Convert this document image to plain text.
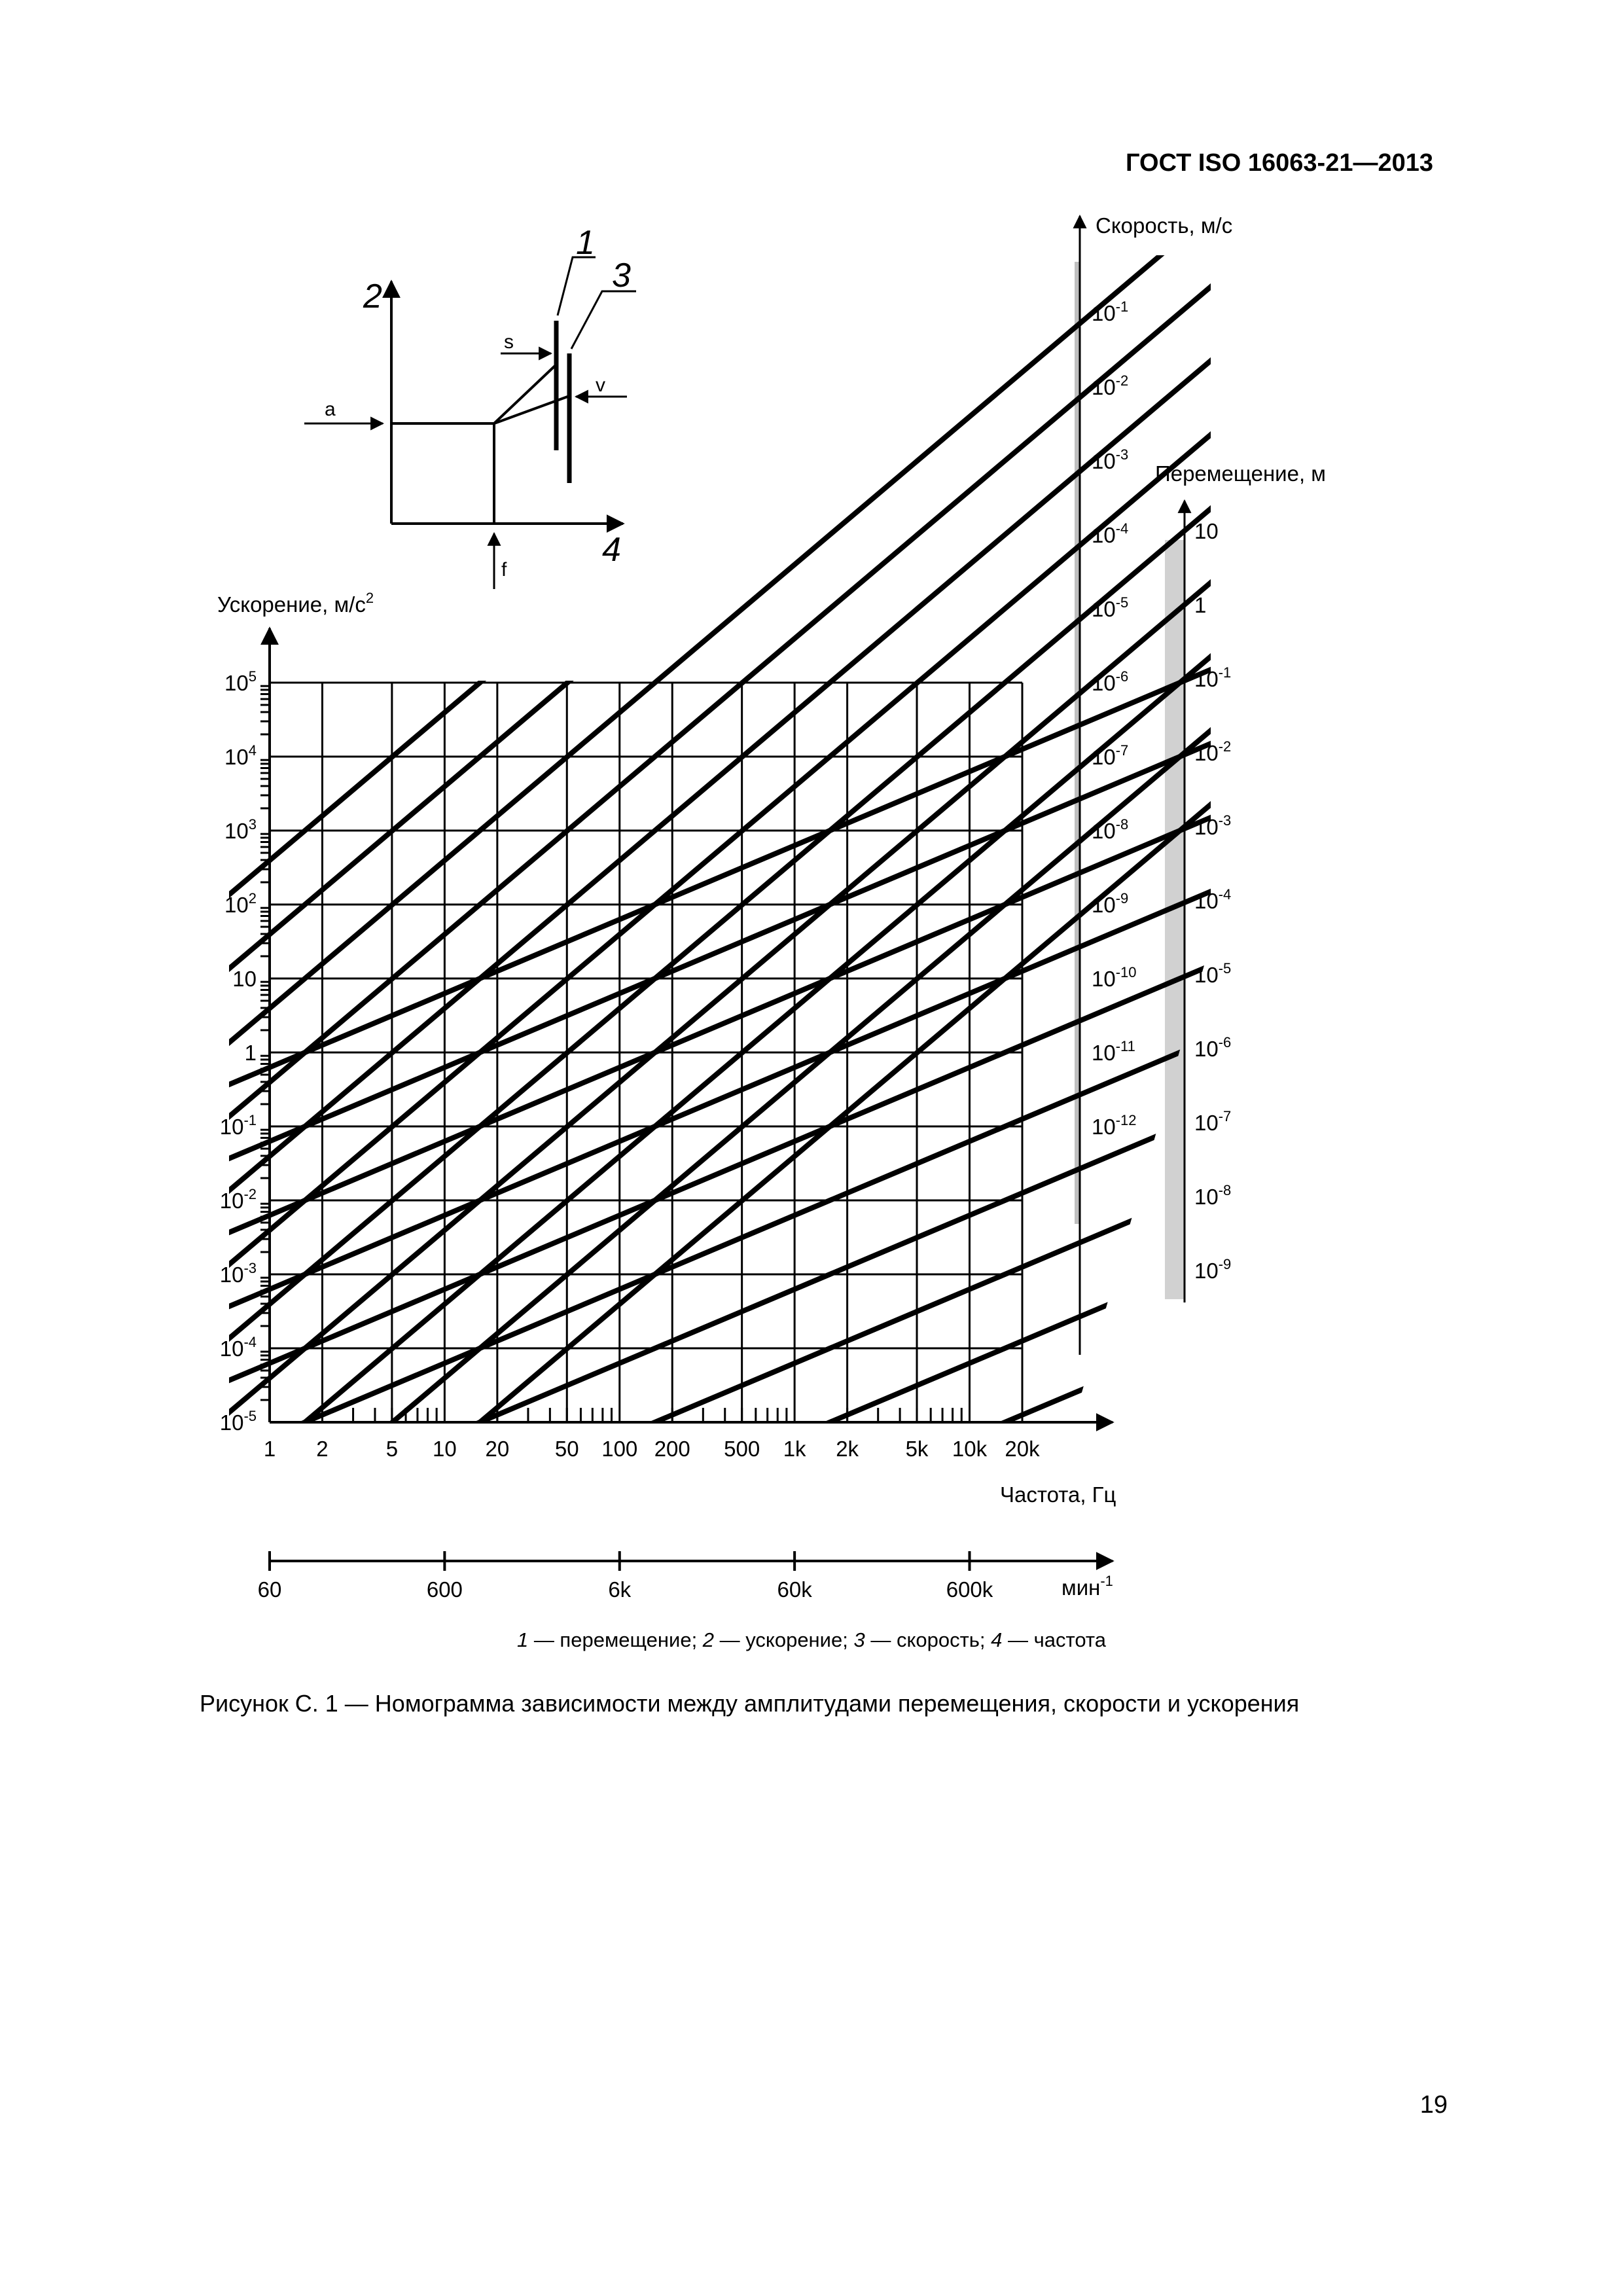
ГОСТ ISO 16063-21—2013
2
4
1
3
a
s
v
f
Скорость, м/с
Перемещение, м
Ускорение, $м/с^2$
Частота, Гц
$10^5$
$10^4$
$10^3$
$10^2$
10
1
$10^{-1}$
$10^{-2}$
$10^{-3}$
$10^{-4}$
$10^{-5}$
1 2	5 10 20 50 100 200 500 1k 2k 5k 10k 20k
$10^{-1}$
$10^{-2}$
$10^{-3}$
$10^{-4}$
$10^{-5}$
$10^{-6}$
$10^{-7}$
$10^{-8}$
$10^{-9}$
$10^{-10}$
$10^{-11}$
$10^{-12}$
10
1
$10^{-1}$
$10^{-2}$
$10^{-3}$
$10^{-4}$
$10^{-5}$
$10^{-6}$
$10^{-7}$
$10^{-8}$
$10^{-9}$
60	600	6k	60k	600k	мин$^{-1}$
1 — перемещение; 2 — ускорение; 3 — скорость; 4 — частота
Рисунок С. 1 — Номограмма зависимости между амплитудами перемещения, скорости и ускорения
19
